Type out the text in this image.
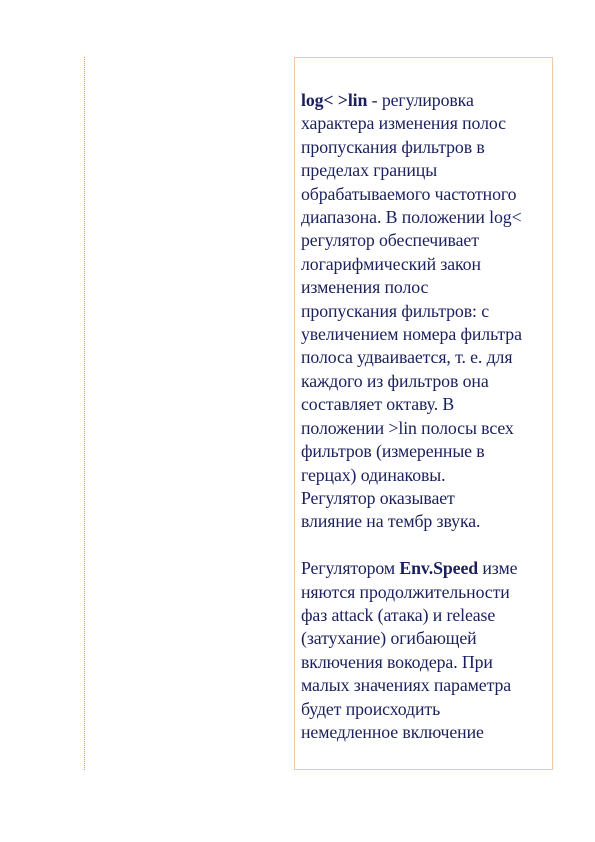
log< >lin - регулировка
характера изменения полос
пропускания фильтров в
пределах границы
обрабатываемого частотного
диапазона. В положении log<
регулятор обеспечивает
логарифмический закон
изменения полос
пропускания фильтров: с
увеличением номера фильтра
полоса удваивается, т. е. для
каждого из фильтров она
составляет октаву. В
положении >lin полосы всех
фильтров (измеренные в
герцах) одинаковы.
Регулятор оказывает
влияние на тембр звука.

Регулятором Env.Speed изме
няются продолжительности
фаз attack (атака) и release
(затухание) огибающей
включения вокодера. При
малых значениях параметра
будет происходить
немедленное включение
